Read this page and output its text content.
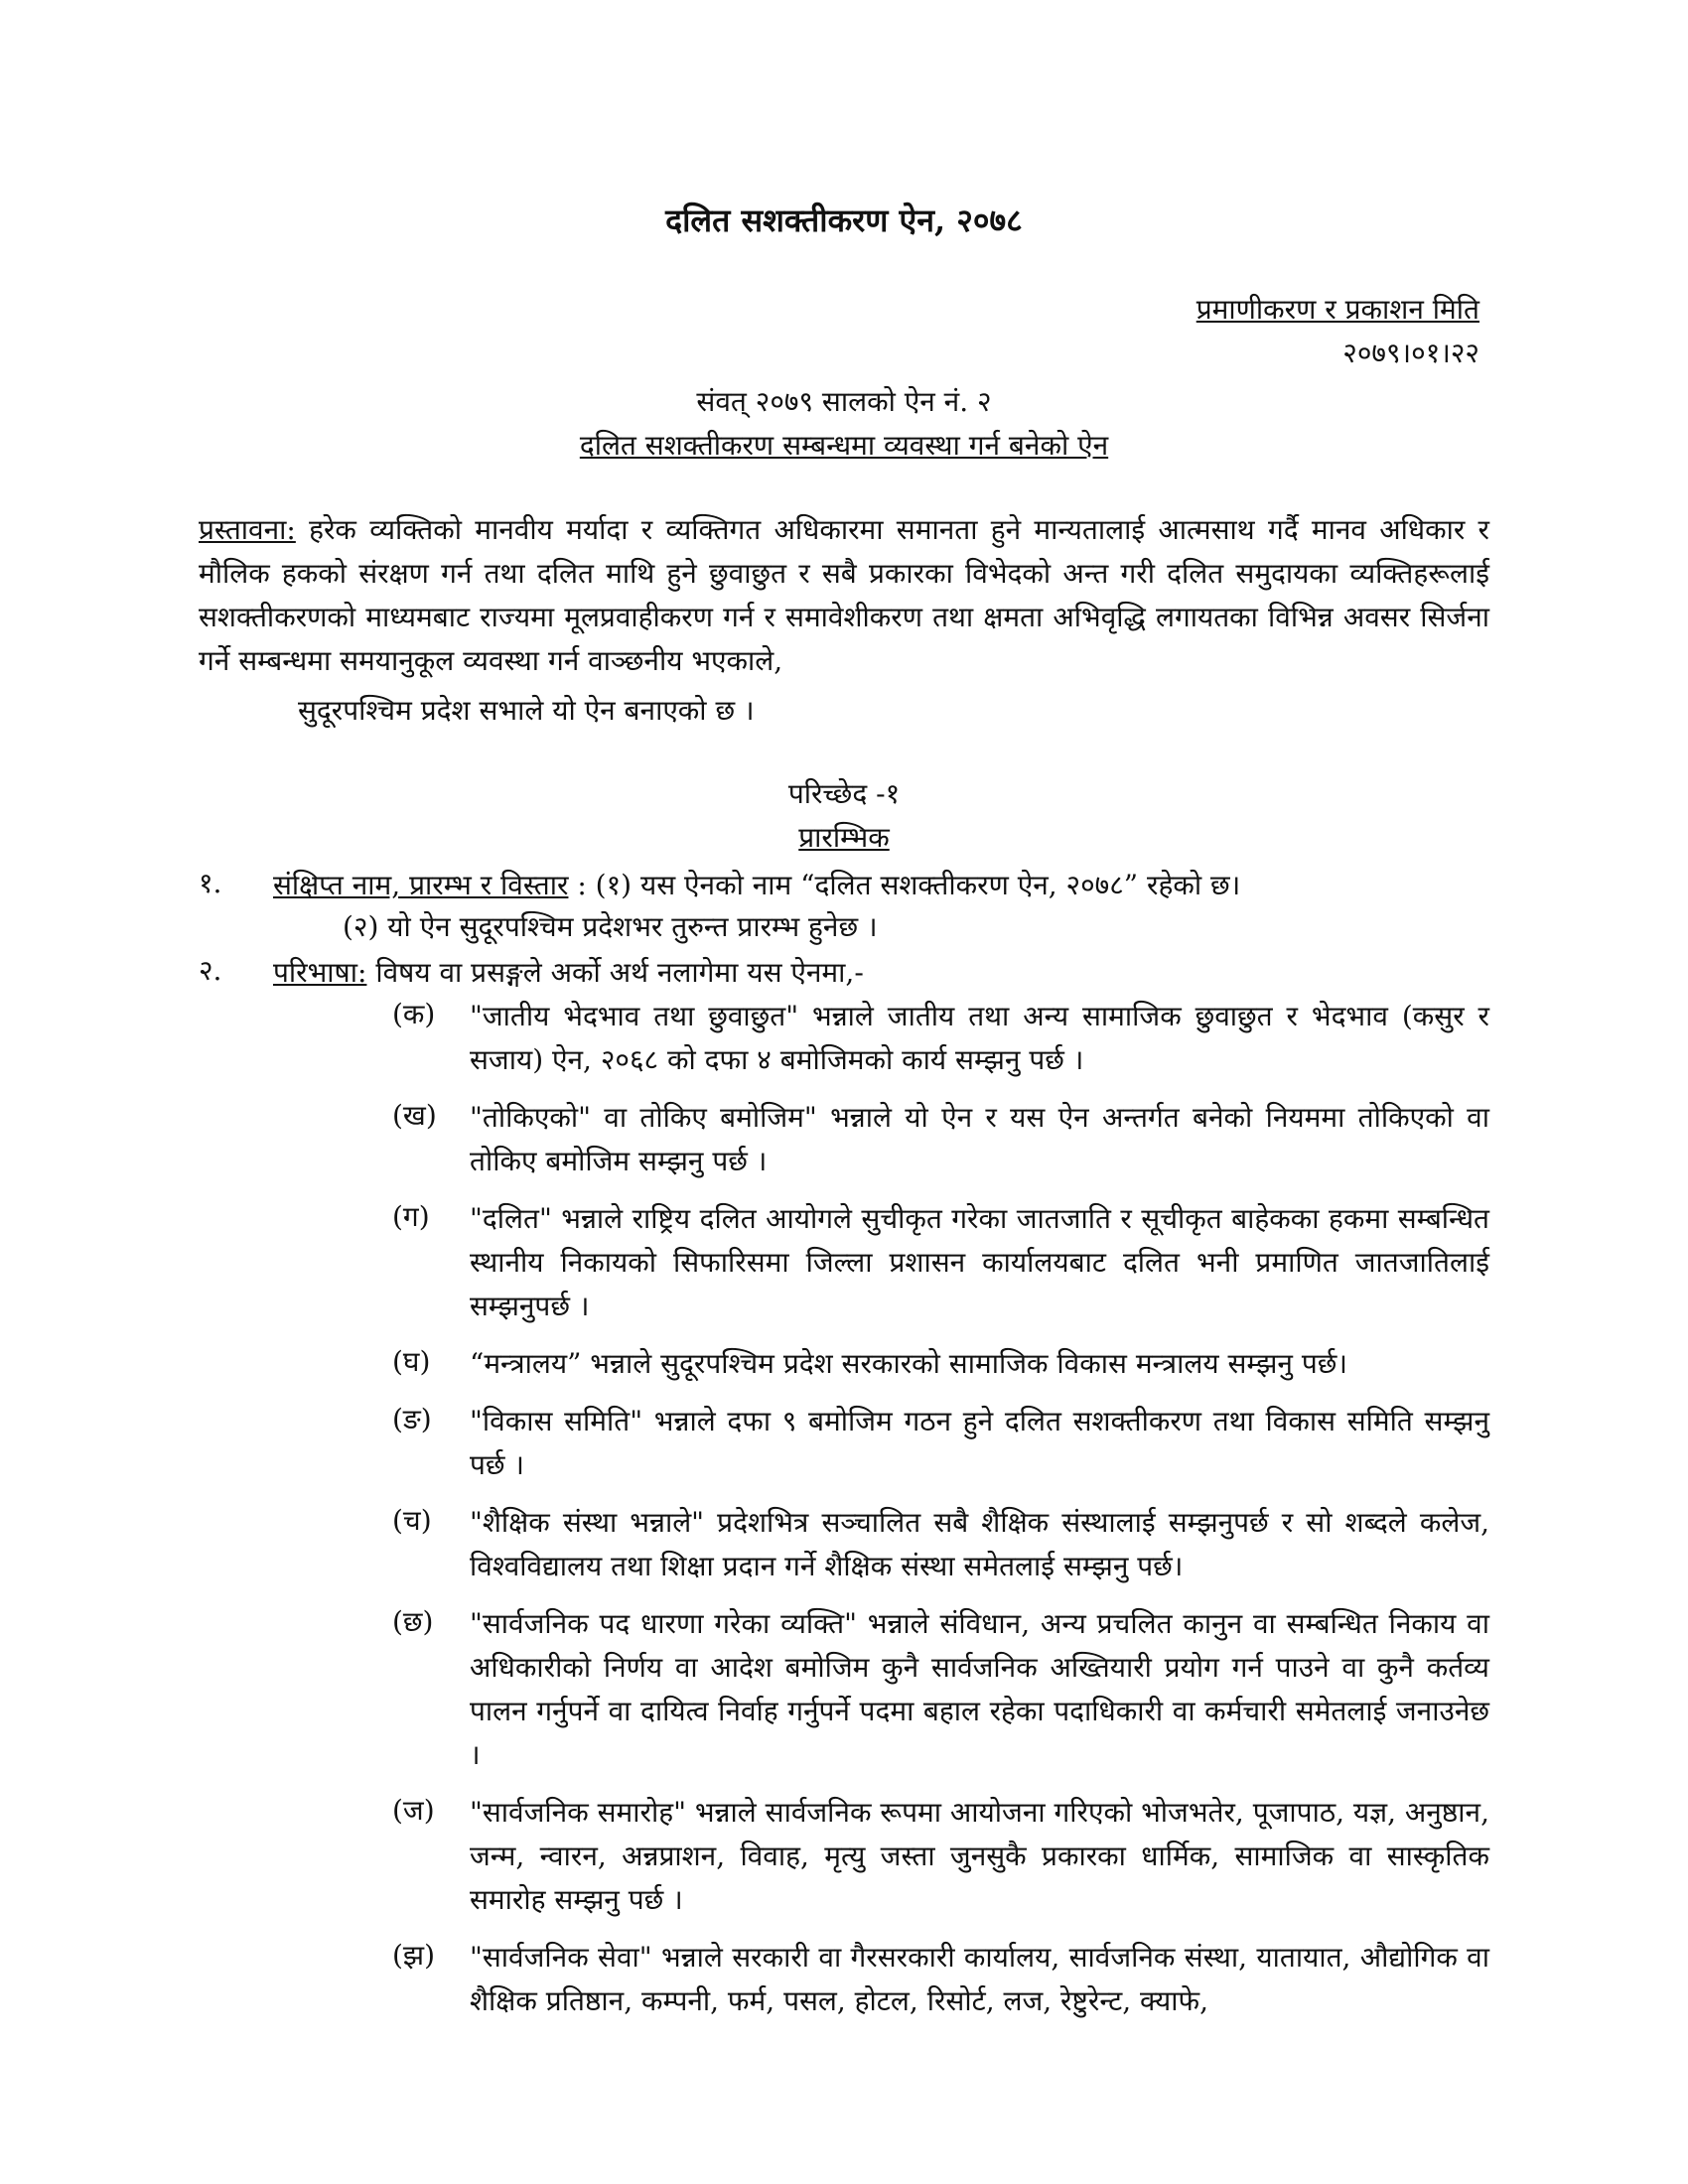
दलित सशक्तीकरण ऐन, २०७८
प्रमाणीकरण र प्रकाशन मिति
२०७९।०१।२२
संवत् २०७९ सालको ऐन नं. २
दलित सशक्तीकरण सम्बन्धमा व्यवस्था गर्न बनेको ऐन
प्रस्तावना: हरेक व्यक्तिको मानवीय मर्यादा र व्यक्तिगत अधिकारमा समानता हुने मान्यतालाई आत्मसाथ गर्दै मानव अधिकार र मौलिक हकको संरक्षण गर्न तथा दलित माथि हुने छुवाछुत र सबै प्रकारका विभेदको अन्त गरी दलित समुदायका व्यक्तिहरूलाई सशक्तीकरणको माध्यमबाट राज्यमा मूलप्रवाहीकरण गर्न र समावेशीकरण तथा क्षमता अभिवृद्धि लगायतका विभिन्न अवसर सिर्जना गर्ने सम्बन्धमा समयानुकूल व्यवस्था गर्न वाञ्छनीय भएकाले,
सुदूरपश्चिम प्रदेश सभाले यो ऐन बनाएको छ ।
परिच्छेद -१
प्रारम्भिक
१. संक्षिप्त नाम, प्रारम्भ र विस्तार : (१) यस ऐनको नाम “दलित सशक्तीकरण ऐन, २०७८” रहेको छ।
(२) यो ऐन सुदूरपश्चिम प्रदेशभर तुरुन्त प्रारम्भ हुनेछ ।
२. परिभाषा: विषय वा प्रसङ्गले अर्को अर्थ नलागेमा यस ऐनमा,-
(क) "जातीय भेदभाव तथा छुवाछुत" भन्नाले जातीय तथा अन्य सामाजिक छुवाछुत र भेदभाव (कसुर र सजाय) ऐन, २०६८ को दफा ४ बमोजिमको कार्य सम्झनु पर्छ ।
(ख) "तोकिएको" वा तोकिए बमोजिम" भन्नाले यो ऐन र यस ऐन अन्तर्गत बनेको नियममा तोकिएको वा तोकिए बमोजिम सम्झनु पर्छ ।
(ग) "दलित" भन्नाले राष्ट्रिय दलित आयोगले सुचीकृत गरेका जातजाति र सूचीकृत बाहेकका हकमा सम्बन्धित स्थानीय निकायको सिफारिसमा जिल्ला प्रशासन कार्यालयबाट दलित भनी प्रमाणित जातजातिलाई सम्झनुपर्छ ।
(घ) “मन्त्रालय” भन्नाले सुदूरपश्चिम प्रदेश सरकारको सामाजिक विकास मन्त्रालय सम्झनु पर्छ।
(ङ) "विकास समिति" भन्नाले दफा ९ बमोजिम गठन हुने दलित सशक्तीकरण तथा विकास समिति सम्झनु पर्छ ।
(च) "शैक्षिक संस्था भन्नाले" प्रदेशभित्र सञ्चालित सबै शैक्षिक संस्थालाई सम्झनुपर्छ र सो शब्दले कलेज, विश्वविद्यालय तथा शिक्षा प्रदान गर्ने शैक्षिक संस्था समेतलाई सम्झनु पर्छ।
(छ) "सार्वजनिक पद धारणा गरेका व्यक्ति" भन्नाले संविधान, अन्य प्रचलित कानुन वा सम्बन्धित निकाय वा अधिकारीको निर्णय वा आदेश बमोजिम कुनै सार्वजनिक अख्तियारी प्रयोग गर्न पाउने वा कुनै कर्तव्य पालन गर्नुपर्ने वा दायित्व निर्वाह गर्नुपर्ने पदमा बहाल रहेका पदाधिकारी वा कर्मचारी समेतलाई जनाउनेछ ।
(ज) "सार्वजनिक समारोह" भन्नाले सार्वजनिक रूपमा आयोजना गरिएको भोजभतेर, पूजापाठ, यज्ञ, अनुष्ठान, जन्म, न्वारन, अन्नप्राशन, विवाह, मृत्यु जस्ता जुनसुकै प्रकारका धार्मिक, सामाजिक वा सास्कृतिक समारोह सम्झनु पर्छ ।
(झ) "सार्वजनिक सेवा" भन्नाले सरकारी वा गैरसरकारी कार्यालय, सार्वजनिक संस्था, यातायात, औद्योगिक वा शैक्षिक प्रतिष्ठान, कम्पनी, फर्म, पसल, होटल, रिसोर्ट, लज, रेष्टुरेन्ट, क्याफे,
